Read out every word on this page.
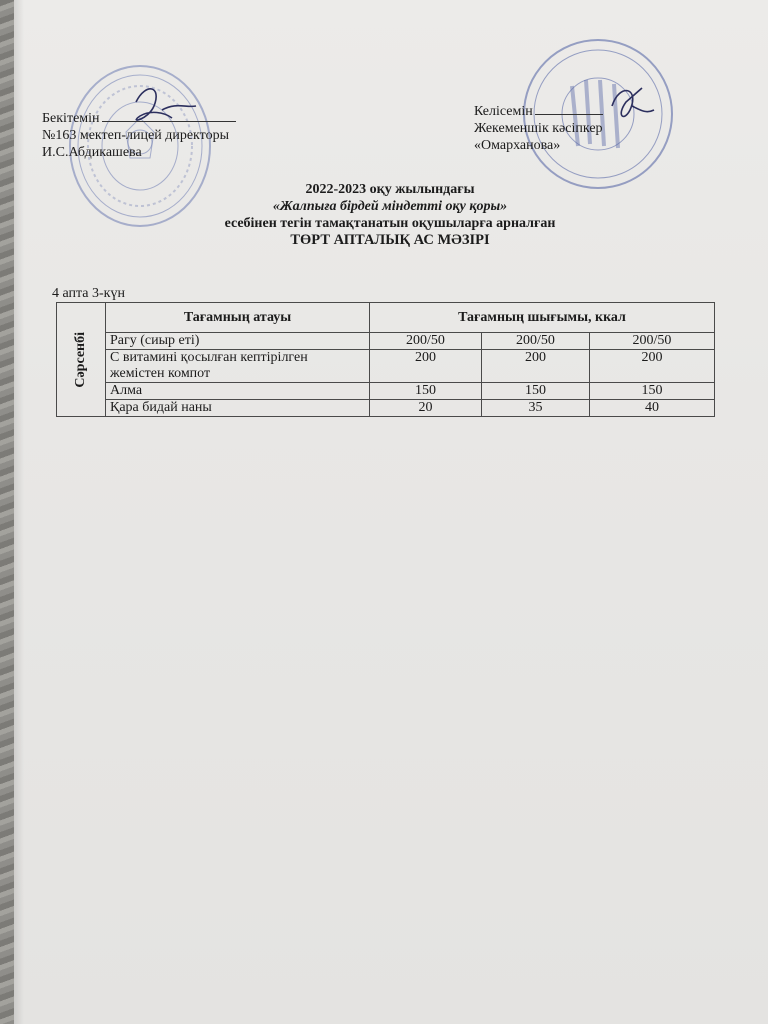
Бекітемін
№163 мектеп-лицей директоры
И.С.Абдикашева
Келісемін
Жекеменшік кәсіпкер
«Омарханова»
2022-2023 оқу жылындағы
«Жалпыға бірдей міндетті оқу қоры»
есебінен тегін тамақтанатын оқушыларға арналған
ТӨРТ АПТАЛЫҚ АС МӘЗІРІ
4 апта 3-күн
Сәрсенбі	Тағамның атауы	Тағамның шығымы, ккал		
	Рагу (сиыр еті)	200/50	200/50	200/50
	С витамині қосылған кептірілген жемістен компот	200	200	200
	Алма	150	150	150
	Қара бидай наны	20	35	40
